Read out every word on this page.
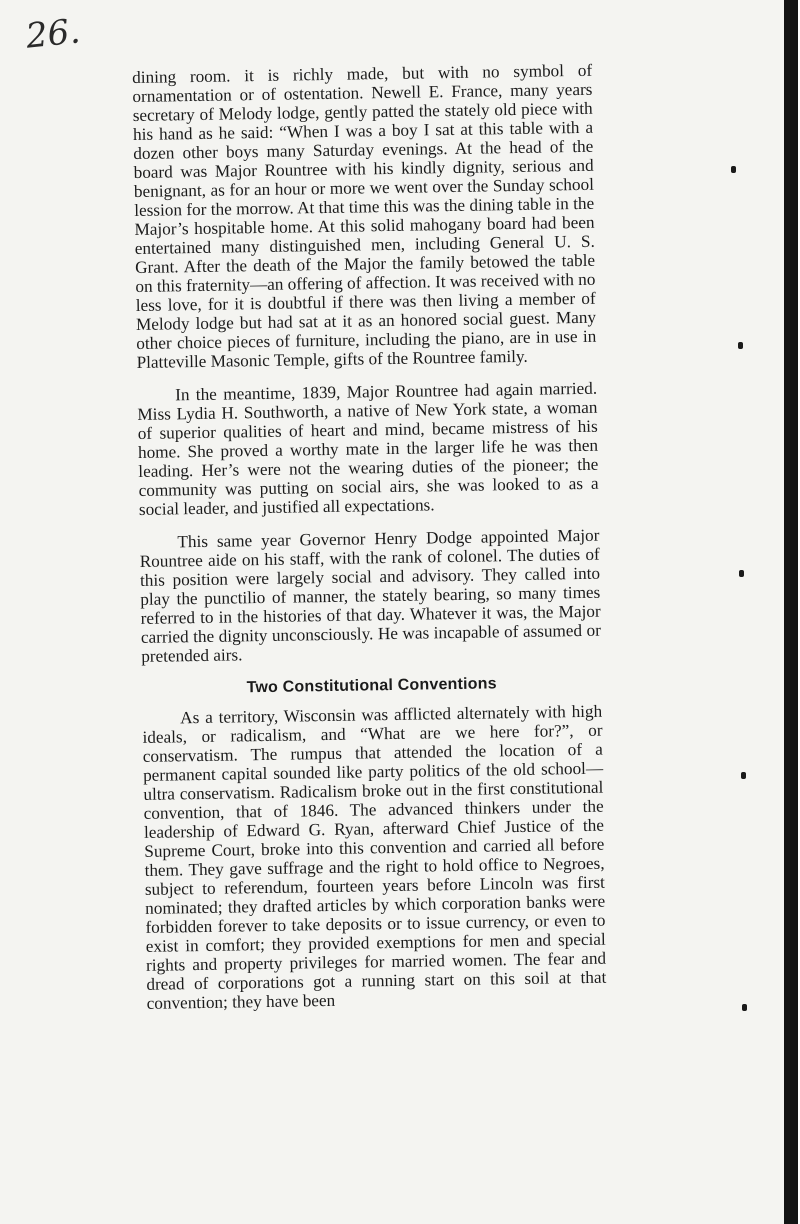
26.

dining room. it is richly made, but with no symbol of ornamentation or of ostentation. Newell E. France, many years secretary of Melody lodge, gently patted the stately old piece with his hand as he said: “When I was a boy I sat at this table with a dozen other boys many Saturday evenings. At the head of the board was Major Rountree with his kindly dignity, serious and benignant, as for an hour or more we went over the Sunday school lession for the morrow. At that time this was the dining table in the Major’s hospitable home. At this solid mahogany board had been entertained many distinguished men, including General U. S. Grant. After the death of the Major the family betowed the table on this fraternity—an offering of affection. It was received with no less love, for it is doubtful if there was then living a member of Melody lodge but had sat at it as an honored social guest. Many other choice pieces of furniture, including the piano, are in use in Platteville Masonic Temple, gifts of the Rountree family.

In the meantime, 1839, Major Rountree had again married. Miss Lydia H. Southworth, a native of New York state, a woman of superior qualities of heart and mind, became mistress of his home. She proved a worthy mate in the larger life he was then leading. Her’s were not the wearing duties of the pioneer; the community was putting on social airs, she was looked to as a social leader, and justified all expectations.

This same year Governor Henry Dodge appointed Major Rountree aide on his staff, with the rank of colonel. The duties of this position were largely social and advisory. They called into play the punctilio of manner, the stately bearing, so many times referred to in the histories of that day. Whatever it was, the Major carried the dignity unconsciously. He was incapable of assumed or pretended airs.

Two Constitutional Conventions

As a territory, Wisconsin was afflicted alternately with high ideals, or radicalism, and “What are we here for?”, or conservatism. The rumpus that attended the location of a permanent capital sounded like party politics of the old school—ultra conservatism. Radicalism broke out in the first constitutional convention, that of 1846. The advanced thinkers under the leadership of Edward G. Ryan, afterward Chief Justice of the Supreme Court, broke into this convention and carried all before them. They gave suffrage and the right to hold office to Negroes, subject to referendum, fourteen years before Lincoln was first nominated; they drafted articles by which corporation banks were forbidden forever to take deposits or to issue currency, or even to exist in comfort; they provided exemptions for men and special rights and property privileges for married women. The fear and dread of corporations got a running start on this soil at that convention; they have been
